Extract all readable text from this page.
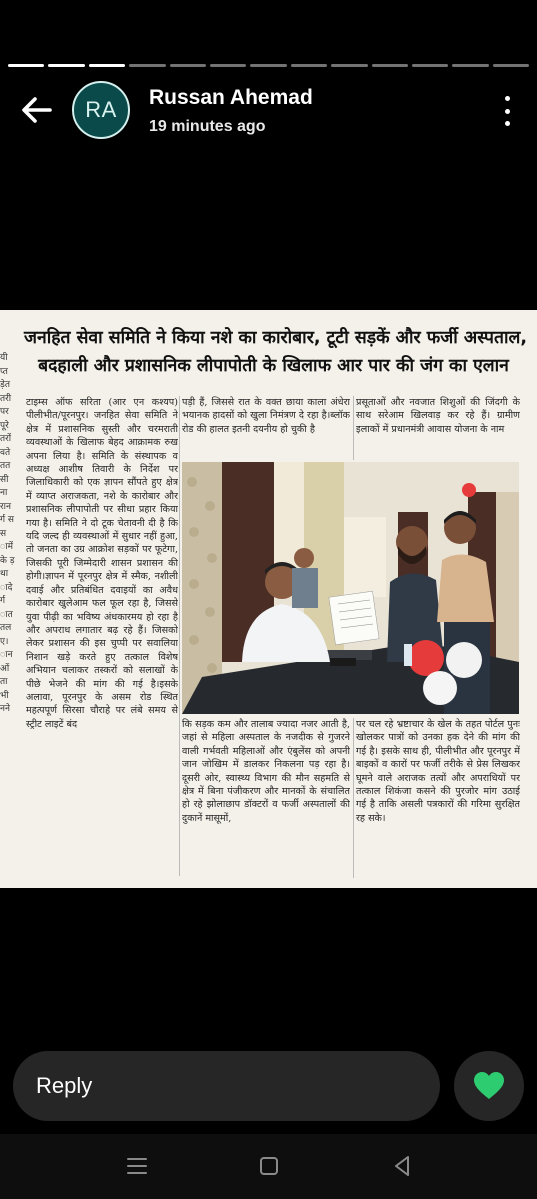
RA Russan Ahemad
19 minutes ago
यी प्त ड़ेत तरी पर पूरे तरों वते तत सी ना रान र्ग सस ामें के ड़ था ादे र्ग ात तल ए। ान ओं ता भी नने
जनहित सेवा समिति ने किया नशे का कारोबार, टूटी सड़कें और फर्जी अस्पताल,
बदहाली और प्रशासनिक लीपापोती के खिलाफ आर पार की जंग का एलान
टाइम्स ऑफ सरिता (आर एन कश्यप) पीलीभीत/पूरनपुर। जनहित सेवा समिति ने क्षेत्र में प्रशासनिक सुस्ती और चरमराती व्यवस्थाओं के खिलाफ बेहद आक्रामक रुख अपना लिया है। समिति के संस्थापक व अध्यक्ष आशीष तिवारी के निर्देश पर जिलाधिकारी को एक ज्ञापन सौंपते हुए क्षेत्र में व्याप्त अराजकता, नशे के कारोबार और प्रशासनिक लीपापोती पर सीधा प्रहार किया गया है। समिति ने दो टूक चेतावनी दी है कि यदि जल्द ही व्यवस्थाओं में सुधार नहीं हुआ, तो जनता का उग्र आक्रोश सड़कों पर फूटेगा, जिसकी पूरी जिम्मेदारी शासन प्रशासन की होगी।ज्ञापन में पूरनपुर क्षेत्र में स्मैक, नशीली दवाई और प्रतिबंधित दवाइयों का अवैध कारोबार खुलेआम फल फूल रहा है, जिससे युवा पीढ़ी का भविष्य अंधकारमय हो रहा है और अपराध लगातार बढ़ रहे हैं। जिसको लेकर प्रशासन की इस चुप्पी पर सवालिया निशान खड़े करते हुए तत्काल विशेष अभियान चलाकर तस्करों को सलाखों के पीछे भेजने की मांग की गई है।इसके अलावा, पूरनपुर के असम रोड स्थित महत्पपूर्ण सिरसा चौराहे पर लंबे समय से स्ट्रीट लाइटें बंद
पड़ी हैं, जिससे रात के वक्त छाया काला अंधेरा भयानक हादसों को खुला निमंत्रण दे रहा है।ब्लॉक रोड की हालत इतनी दयनीय हो चुकी है
प्रसूताओं और नवजात शिशुओं की जिंदगी के साथ सरेआम खिलवाड़ कर रहे हैं। ग्रामीण इलाकों में प्रधानमंत्री आवास योजना के नाम
कि सड़क कम और तालाब ज्यादा नजर आती है, जहां से महिला अस्पताल के नजदीक से गुजरने वाली गर्भवती महिलाओं और एंबुलेंस को अपनी जान जोखिम में डालकर निकलना पड़ रहा है। दूसरी ओर, स्वास्थ्य विभाग की मौन सहमति से क्षेत्र में बिना पंजीकरण और मानकों के संचालित हो रहे झोलाछाप डॉक्टरों व फर्जी अस्पतालों की दुकानें मासूमों,
पर चल रहे भ्रष्टाचार के खेल के तहत पोर्टल पुनः खोलकर पात्रों को उनका हक देने की मांग की गई है। इसके साथ ही, पीलीभीत और पूरनपुर में बाइकों व कारों पर फर्जी तरीके से प्रेस लिखकर घूमने वाले अराजक तत्वों और अपराधियों पर तत्काल शिकंजा कसने की पुरजोर मांग उठाई गई है ताकि असली पत्रकारों की गरिमा सुरक्षित रह सके।
Reply
